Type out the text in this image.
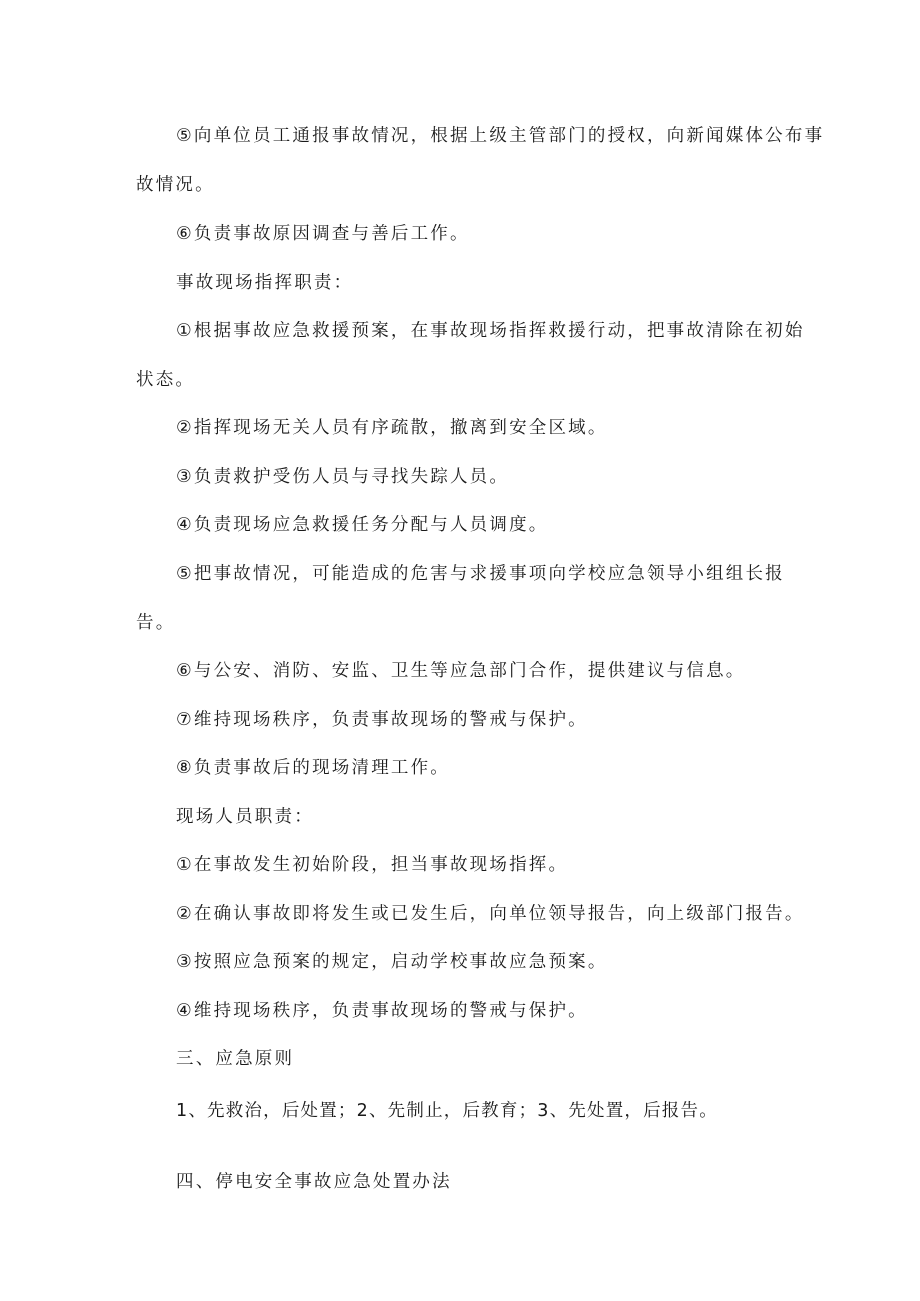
⑤向单位员工通报事故情况，根据上级主管部门的授权，向新闻媒体公布事
故情况。
⑥负责事故原因调查与善后工作。
事故现场指挥职责：
①根据事故应急救援预案，在事故现场指挥救援行动，把事故清除在初始
状态。
②指挥现场无关人员有序疏散，撤离到安全区域。
③负责救护受伤人员与寻找失踪人员。
④负责现场应急救援任务分配与人员调度。
⑤把事故情况，可能造成的危害与求援事项向学校应急领导小组组长报
告。
⑥与公安、消防、安监、卫生等应急部门合作，提供建议与信息。
⑦维持现场秩序，负责事故现场的警戒与保护。
⑧负责事故后的现场清理工作。
现场人员职责：
①在事故发生初始阶段，担当事故现场指挥。
②在确认事故即将发生或已发生后，向单位领导报告，向上级部门报告。
③按照应急预案的规定，启动学校事故应急预案。
④维持现场秩序，负责事故现场的警戒与保护。
三、应急原则
1、先救治，后处置；2、先制止，后教育；3、先处置，后报告。
四、停电安全事故应急处置办法
